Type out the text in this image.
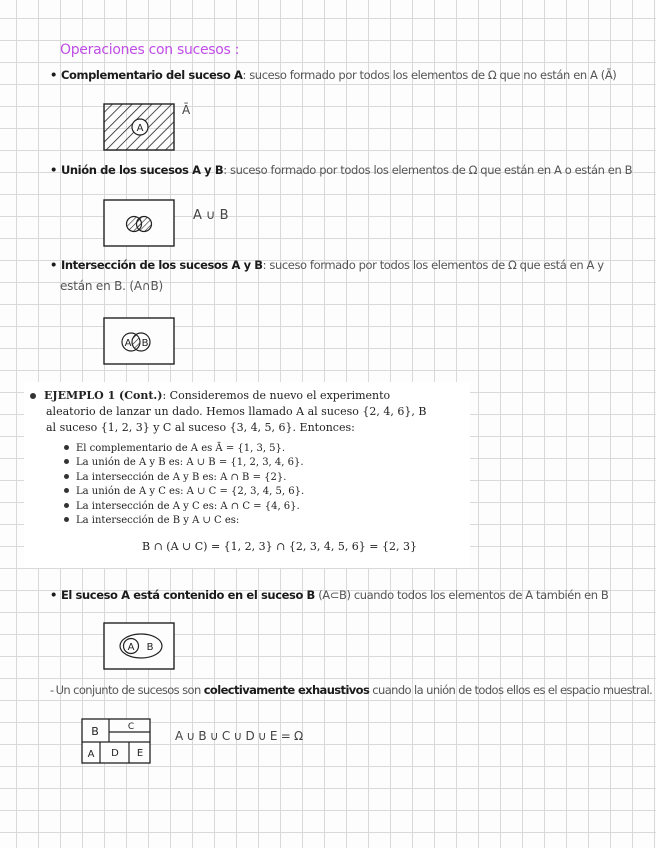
Operaciones con sucesos :
• Complementario del suceso A: suceso formado por todos los elementos de Ω que no están en A (Ā)
A
Ā
• Unión de los sucesos A y B: suceso formado por todos los elementos de Ω que están en A o están en B
A ∪ B
• Intersección de los sucesos A y B: suceso formado por todos los elementos de Ω que está en A y
están en B. (A∩B)
A B
EJEMPLO 1 (Cont.): Consideremos de nuevo el experimento
aleatorio de lanzar un dado. Hemos llamado A al suceso {2, 4, 6}, B
al suceso {1, 2, 3} y C al suceso {3, 4, 5, 6}. Entonces:
El complementario de A es Ā = {1, 3, 5}.
La unión de A y B es: A ∪ B = {1, 2, 3, 4, 6}.
La intersección de A y B es: A ∩ B = {2}.
La unión de A y C es: A ∪ C = {2, 3, 4, 5, 6}.
La intersección de A y C es: A ∩ C = {4, 6}.
La intersección de B y A ∪ C es:
B ∩ (A ∪ C) = {1, 2, 3} ∩ {2, 3, 4, 5, 6} = {2, 3}
• El suceso A está contenido en el suceso B (A⊂B) cuando todos los elementos de A también en B
A B
- Un conjunto de sucesos son colectivamente exhaustivos cuando la unión de todos ellos es el espacio muestral.
B	C
A D E
A ∪ B ∪ C ∪ D ∪ E = Ω
